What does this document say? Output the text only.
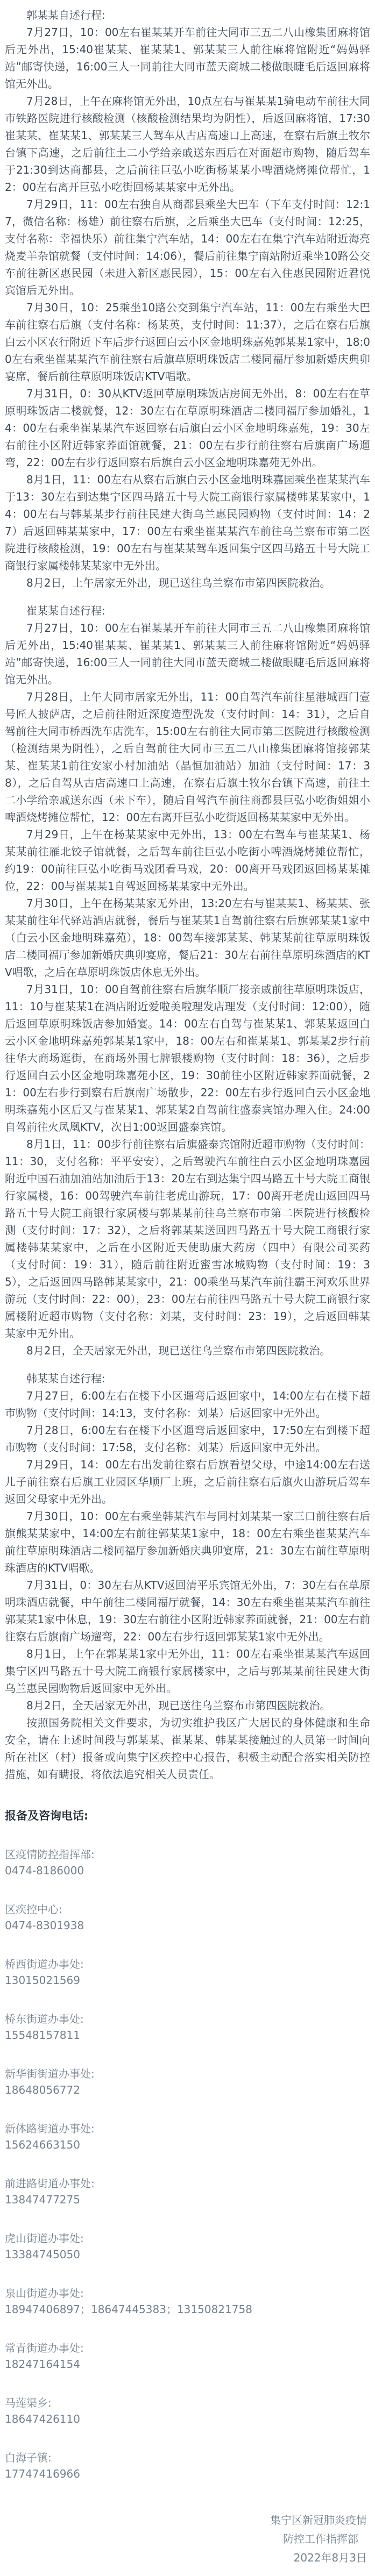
郭某某自述行程:

7月27日，10：00左右崔某某开车前往大同市三五二八山橡集团麻将馆后无外出，15:40崔某某、崔某某1、郭某某三人前往麻将馆附近“妈妈驿站”邮寄快递，16:00三人一同前往大同市蓝天商城二楼做眼睫毛后返回麻将馆无外出。

7月28日，上午在麻将馆无外出，10点左右与崔某某1骑电动车前往大同市铁路医院进行核酸检测（核酸检测结果均为阴性），后返回麻将馆，17:30崔某某、崔某某1、郭某某三人驾车从古店高速口上高速，在察右后旗土牧尔台镇下高速，之后前往土二小学给亲戚送东西后在对面超市购物，随后驾车于21:30到达商都县，之后前往巨弘小吃街杨某某小啤酒烧烤摊位帮忙，12：00左右离开巨弘小吃街回杨某某家中无外出。

7月29日，11：00左右独自从商都县乘坐大巴车（下车支付时间：12:17，微信名称：杨雄）前往察右后旗，之后乘坐大巴车（支付时间：12:25，支付名称：幸福快乐）前往集宁汽车站，14：00左右在集宁汽车站附近海亮烧麦羊杂馆就餐（支付时间：14:06），餐后前往集宁南站附近乘坐10路公交车前往新区惠民园（未进入新区惠民园），15：00左右入住惠民园附近君悦宾馆后无外出。

7月30日，10：25乘坐10路公交到集宁汽车站，11：00左右乘坐大巴车前往察右后旗（支付名称：杨某英，支付时间：11:37），之后在察右后旗白云小区农行附近下车后步行返回白云小区金地明珠嘉苑郭某某1家中，18:00左右乘坐崔某某汽车前往察右后旗草原明珠饭店二楼同福厅参加新婚庆典卯宴席，餐后前往草原明珠饭店KTV唱歌。

7月31日，0：30从KTV返回草原明珠饭店房间无外出，8：00左右在草原明珠饭店二楼就餐，12：30左右在草原明珠酒店二楼同福厅参加婚礼，14：00左右乘坐崔某某汽车返回察右后旗白云小区金地明珠嘉苑，19：30左右前往小区附近韩家荞面馆就餐，21：00左右步行前往察右后旗南广场遛弯，22：00左右步行返回察右后旗白云小区金地明珠嘉苑无外出。

8月1日，11：00左右从察右后旗白云小区金地明珠嘉园乘坐崔某某汽车于13：30左右到达集宁区四马路五十号大院工商银行家属楼韩某某家中，14：00左右与韩某某步行前往民建大街乌兰惠民园购物（支付时间：14：27）后返回韩某某家中，17：00左右乘坐崔某某汽车前往乌兰察布市第二医院进行核酸检测，19：00左右与崔某某驾车返回集宁区四马路五十号大院工商银行家属楼韩某某家中无外出。

8月2日，上午居家无外出，现已送往乌兰察布市第四医院救治。

崔某某自述行程:

7月27日，10：00左右崔某某开车前往大同市三五二八山橡集团麻将馆后无外出，15:40崔某某、崔某某1、郭某某三人前往麻将馆附近“妈妈驿站”邮寄快递，16:00三人一同前往大同市蓝天商城二楼做眼睫毛后返回麻将馆无外出。

7月28日，上午大同市居家无外出，11：00自驾汽车前往星港城西门壹号匠人披萨店，之后前往附近深度造型洗发（支付时间：14：31），之后自驾前往大同市桥西洗车店洗车，15:00左右前往大同市第三医院进行核酸检测（检测结果为阴性），之后自驾前往大同市三五二八山橡集团麻将馆接郭某某、崔某某1前往安家小村加油站（晶恒加油站）加油（支付时间：17：38），之后自驾从古店高速口上高速，在察右后旗土牧尔台镇下高速，前往土二小学给亲戚送东西（未下车），随后自驾汽车前往商都县巨弘小吃街姐姐小啤酒烧烤摊位帮忙，12：00左右离开巨弘小吃街返回杨某某家中无外出。

7月29日，上午在杨某某家中无外出，13：00左右驾车与崔某某1、杨某某前往雁北饺子馆就餐，之后驾车前往巨弘小吃街小啤酒烧烤摊位帮忙，约19：00前往巨弘小吃街马戏团看马戏，20：00离开马戏团返回杨某某摊位，22：00与崔某某1自驾返回杨某某家中无外出。

7月30日，上午在杨某某家无外出，13:20左右与崔某某1、杨某某、张某某前往年代驿站酒店就餐，餐后与崔某某1自驾前往察右后旗郭某某1家中（白云小区金地明珠嘉苑），18：00驾车接郭某某、韩某某前往草原明珠饭店二楼同福厅参加新婚庆典卯宴席，餐后21：30左右前往草原明珠酒店的KTV唱歌，之后在草原明珠饭店休息无外出。

7月31日，10：00自驾前往察右后旗华顺厂接亲戚前往草原明珠饭店，11：10与崔某某1在酒店附近爱啦美啦理发店理发（支付时间：12:00），随后返回草原明珠饭店参加婚宴。14：00左右自驾与崔某某1、郭某某返回白云小区金地明珠嘉苑郭某某1家中，18：00左右和崔某某1、郭某某2步行前往华大商场逛街，在商场外围七牌银楼购物（支付时间：18：36），之后步行返回白云小区金地明珠嘉苑小区，19：30前往小区附近韩家荞面就餐，21：00左右步行到察右后旗南广场散步，22：00左右步行返回白云小区金地明珠嘉苑小区后又与崔某某1、郭某某2自驾前往盛泰宾馆办理入住。24:00自驾前往火凤凰KTV，次日1:00返回盛泰宾馆。

8月1日，11：00步行前往察右后旗盛泰宾馆附近超市购物（支付时间：11：30，支付名称：平平安安），之后驾驶汽车前往白云小区金地明珠嘉园附近中国石油加油站加油后于13：20左右到达集宁四马路五十号大院工商银行家属楼，16：00驾驶汽车前往老虎山游玩，17：00离开老虎山返回四马路五十号大院工商银行家属楼与郭某某前往乌兰察布市第二医院进行核酸检测（支付时间：17：32），之后将郭某某送回四马路五十号大院工商银行家属楼韩某某家中，之后在小区附近天使助康大药房（四中）有限公司买药（支付时间：19：31），随后前往附近蜜雪冰城购物（支付时间：19：35），之后返回四马路韩某某家中，21：00乘坐马某汽车前往霸王河欢乐世界游玩（支付时间：22：00），23：00左右前往四马路五十号大院工商银行家属楼附近超市购物（支付名称：刘某，支付时间：23：19），之后返回韩某某家中无外出。

8月2日，全天居家无外出，现已送往乌兰察布市第四医院救治。

韩某某自述行程:

7月27日，6:00左右在楼下小区遛弯后返回家中，14:00左右在楼下超市购物（支付时间：14:13，支付名称：刘某）后返回家中无外出。

7月28日，6:00左右在楼下小区遛弯后返回家中，17:50左右到楼下超市购物（支付时间：17:58，支付名称：刘某）后返回家中无外出。

7月29日，14：00左右出发前往察右后旗看望父母，中途14:00左右送儿子前往察右后旗工业园区华顺厂上班，之后前往察右后旗火山游玩后驾车返回父母家中无外出。

7月30日，10：00左右乘坐韩某汽车与同村刘某某一家三口前往察右后旗熊某某家中，14:00左右前往郭某某1家中，18：00左右乘坐崔某某汽车前往草原明珠酒店二楼同福厅参加新婚庆典卯宴席，21：30左右前往草原明珠酒店的KTV唱歌。

7月31日，0：30左右从KTV返回清平乐宾馆无外出，7：30左右在草原明珠酒店就餐，中午前往二楼同福厅就餐，14：30左右乘坐崔某某汽车前往郭某某1家中休息，19：30左右前往小区附近韩家荞面就餐，21：00左右前往察右后旗南广场遛弯，22：00左右步行返回郭某某1家中无外出。

8月1日，上午在郭某某1家中无外出，11：00左右乘坐崔某某汽车返回集宁区四马路五十号大院工商银行家属楼家中，之后与郭某某前往民建大街乌兰惠民园购物后返回家中无外出。

8月2日，全天居家无外出，现已送往乌兰察布市第四医院救治。

按照国务院相关文件要求，为切实维护我区广大居民的身体健康和生命安全，请在上述时间段与郭某某、崔某某、韩某某接触过的人员第一时间向所在社区（村）报备或向集宁区疾控中心报告，积极主动配合落实相关防控措施，如有瞒报，将依法追究相关人员责任。

报备及咨询电话:

区疫情防控指挥部:

0474-8186000

区疾控中心:

0474-8301938

桥西街道办事处:

13015021569

桥东街道办事处:

15548157811

新华街街道办事处:

18648056772

新体路街道办事处:

15624663150

前进路街道办事处:

13847477275

虎山街道办事处:

13384745050

泉山街道办事处:

18947406897；18647445383；13150821758

常青街道办事处:

18247164154

马莲渠乡:

18647426110

白海子镇:

17747416966

集宁区新冠肺炎疫情

防控工作指挥部

2022年8月3日
